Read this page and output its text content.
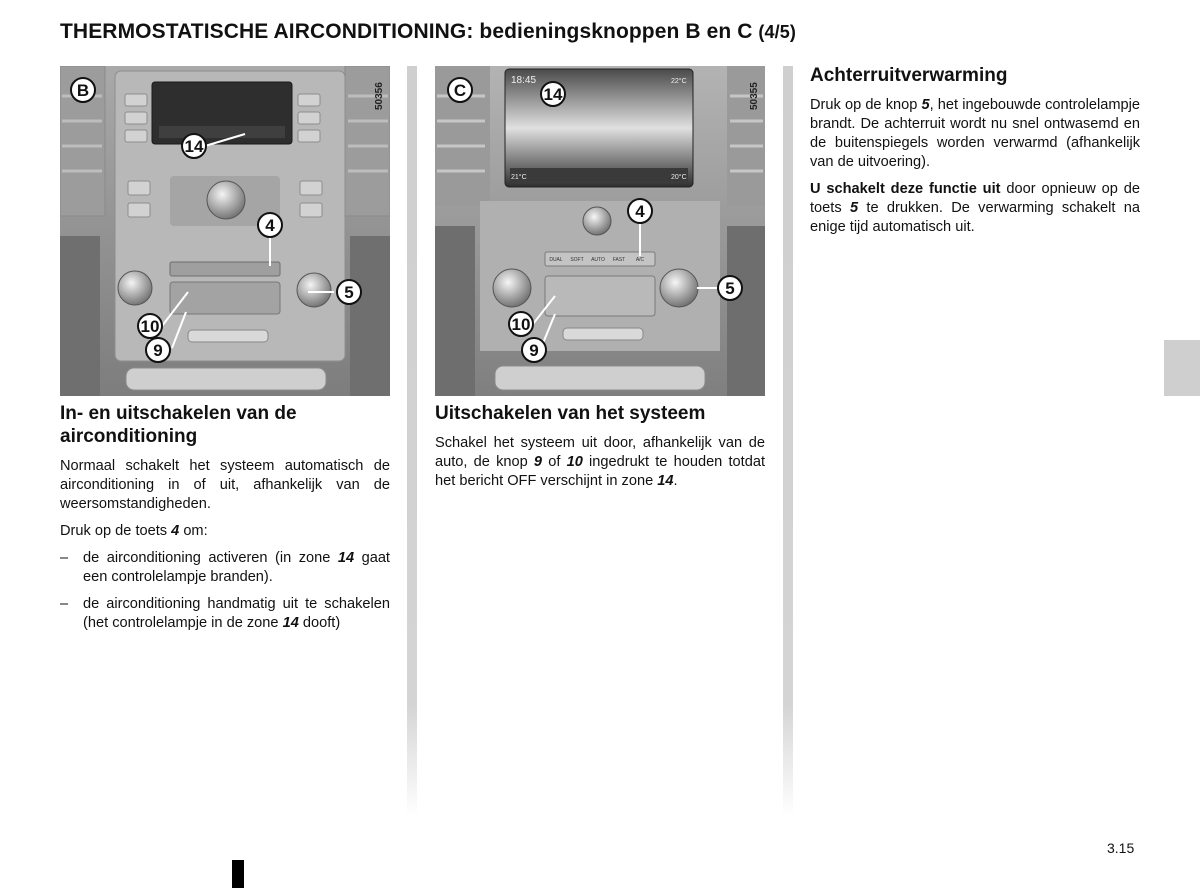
THERMOSTATISCHE AIRCONDITIONING: bedieningsknoppen B en C (4/5)
3.15
50356
B
14
4
5
10
9
18:45	22°C
21°C	20°C
DUAL SOFT AUTO FAST A/C
50355
C	14
4
5
10
9
In- en uitschakelen van de airconditioning

Normaal schakelt het systeem automatisch de airconditioning in of uit, afhankelijk van de weersomstandigheden.

Druk op de toets 4 om:

– de airconditioning activeren (in zone 14 gaat een controlelampje branden).
– de airconditioning handmatig uit te schakelen (het controlelampje in de zone 14 dooft)
Uitschakelen van het systeem

Schakel het systeem uit door, afhankelijk van de auto, de knop 9 of 10 ingedrukt te houden totdat het bericht OFF verschijnt in zone 14.

Achterruitverwarming

Druk op de knop 5, het ingebouwde controlelampje brandt. De achterruit wordt nu snel ontwasemd en de buitenspiegels worden verwarmd (afhankelijk van de uitvoering).

U schakelt deze functie uit door opnieuw op de toets 5 te drukken. De verwarming schakelt na enige tijd automatisch uit.
